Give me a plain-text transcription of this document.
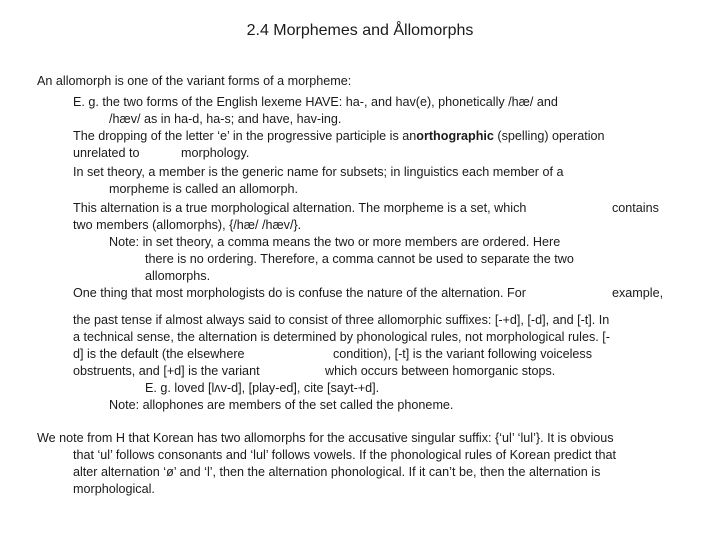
2.4 Morphemes and Ållomorphs
An allomorph is one of the variant forms of a morpheme:
E. g. the two forms of the English lexeme HAVE: ha-, and hav(e), phonetically /hæ/ and
/hæv/ as in ha-d, ha-s; and have, hav-ing.
The dropping of the letter ‘e’ in the progressive participle is anorthographic (spelling) operation
unrelated to	morphology.
In set theory, a member is the generic name for subsets; in linguistics each member of a
morpheme is called an allomorph.
This alternation is a true morphological alternation. The morpheme is a set, which	contains
two members (allomorphs), {/hæ/ /hæv/}.
Note: in set theory, a comma means the two or more members are ordered. Here
there is no ordering. Therefore, a comma cannot be used to separate the two
allomorphs.
One thing that most morphologists do is confuse the nature of the alternation. For	example,
the past tense if almost always said to consist of three allomorphic suffixes: [-+d], [-d], and [-t]. In
a technical sense, the alternation is determined by phonological rules, not morphological rules. [-
d] is the default (the elsewhere	condition), [-t] is the variant following voiceless
obstruents, and [+d] is the variant	which occurs between homorganic stops.
E. g. loved [lʌv-d], [play-ed], cite [sayt-+d].
Note: allophones are members of the set called the phoneme.
We note from H that Korean has two allomorphs for the accusative singular suffix: {‘ul’ ‘lul’}. It is obvious
that ‘ul’ follows consonants and ‘lul’ follows vowels. If the phonological rules of Korean predict that
alter alternation ‘ø’ and ‘l’, then the alternation phonological. If it can’t be, then the alternation is
morphological.
